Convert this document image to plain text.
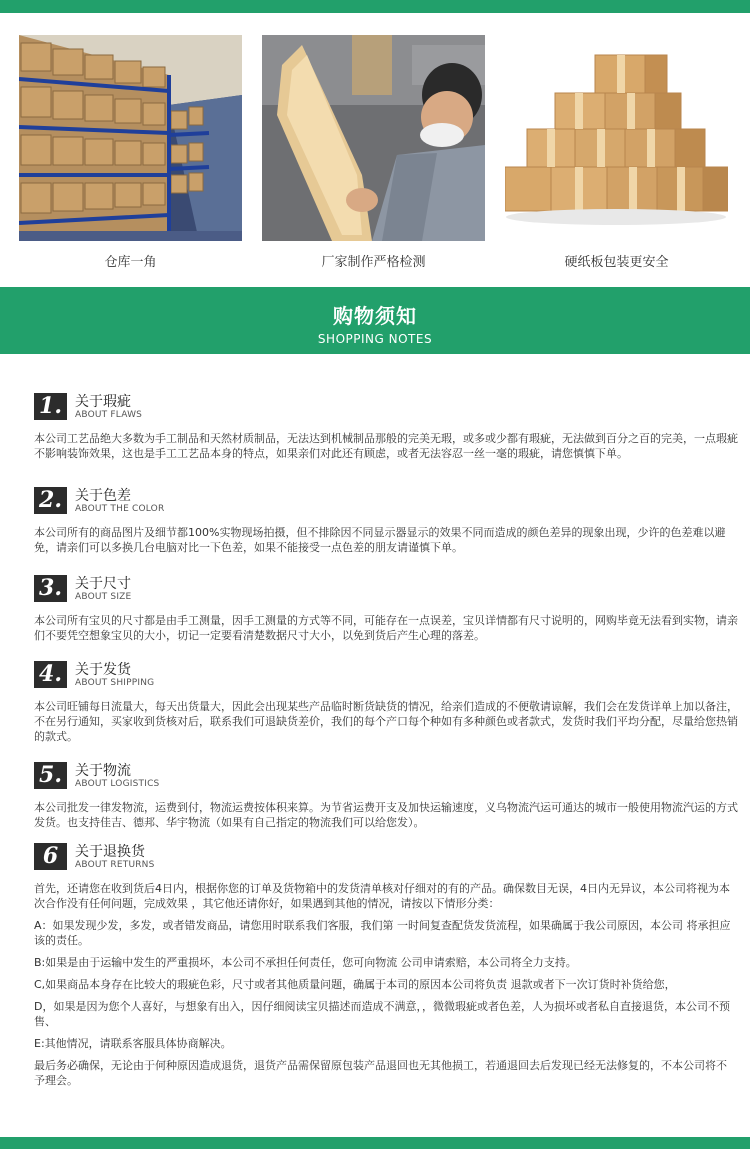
仓库一角	厂家制作严格检测	硬纸板包装更安全
购物须知
SHOPPING NOTES
1. 关于瑕疵
ABOUT FLAWS
本公司工艺品绝大多数为手工制品和天然材质制品，无法达到机械制品那般的完美无瑕，或多或少都有瑕疵，无法做到百分之百的完美，一点瑕疵不影响装饰效果，这也是手工工艺品本身的特点，如果亲们对此还有顾虑，或者无法容忍一丝一毫的瑕疵，请您慎慎下单。
2. 关于色差
ABOUT THE COLOR
本公司所有的商品图片及细节都100%实物现场拍摄，但不排除因不同显示器显示的效果不同而造成的颜色差异的现象出现，少许的色差难以避免，请亲们可以多换几台电脑对比一下色差，如果不能接受一点色差的朋友请谨慎下单。
3. 关于尺寸
ABOUT SIZE
本公司所有宝贝的尺寸都是由手工测量，因手工测量的方式等不同，可能存在一点误差，宝贝详情都有尺寸说明的，网购毕竟无法看到实物，请亲们不要凭空想象宝贝的大小，切记一定要看清楚数据尺寸大小，以免到货后产生心理的落差。
4. 关于发货
ABOUT SHIPPING
本公司旺铺每日流量大，每天出货量大，因此会出现某些产品临时断货缺货的情况，给亲们造成的不便敬请谅解，我们会在发货详单上加以备注，不在另行通知，买家收到货核对后，联系我们可退缺货差价，我们的每个产口每个种如有多种颜色或者款式，发货时我们平均分配，尽量给您热销的款式。
5. 关于物流
ABOUT LOGISTICS
本公司批发一律发物流，运费到付，物流运费按体积来算。为节省运费开支及加快运输速度，义乌物流汽运可通达的城市一般使用物流汽运的方式发货。也支持佳吉、德邦、华宇物流（如果有自己指定的物流我们可以给您发）。
6	关于退换货
ABOUT RETURNS

首先，还请您在收到货后4日内，根据你您的订单及货物箱中的发货清单核对仔细对的有的产品。确保数目无误，4日内无异议，本公司将视为本次合作没有任何问题，完成效果 ，其它他还请你好，如果遇到其他的情况，请按以下情形分类：

A：如果发现少发，多发，或者错发商品，请您用时联系我们客服，我们第 一时间复查配货发货流程，如果确属于我公司原因，本公司 将承担应该的责任。

B:如果是由于运输中发生的严重损坏，本公司不承担任何责任，您可向物流 公司申请索赔，本公司将全力支持。

C,如果商品本身存在比较大的瑕疵色彩，尺寸或者其他质量问题，确属于本司的原因本公司将负责 退款或者下一次订货时补货给您，

D，如果是因为您个人喜好，与想象有出入，因仔细阅读宝贝描述而造成不满意，，微微瑕疵或者色差，人为损坏或者私自直接退货，本公司不预售、

E:其他情况，请联系客服具体协商解决。

最后务必确保，无论由于何种原因造成退货，退货产品需保留原包装产品退回也无其他损工，若通退回去后发现已经无法修复的，不本公司将不予理会。
